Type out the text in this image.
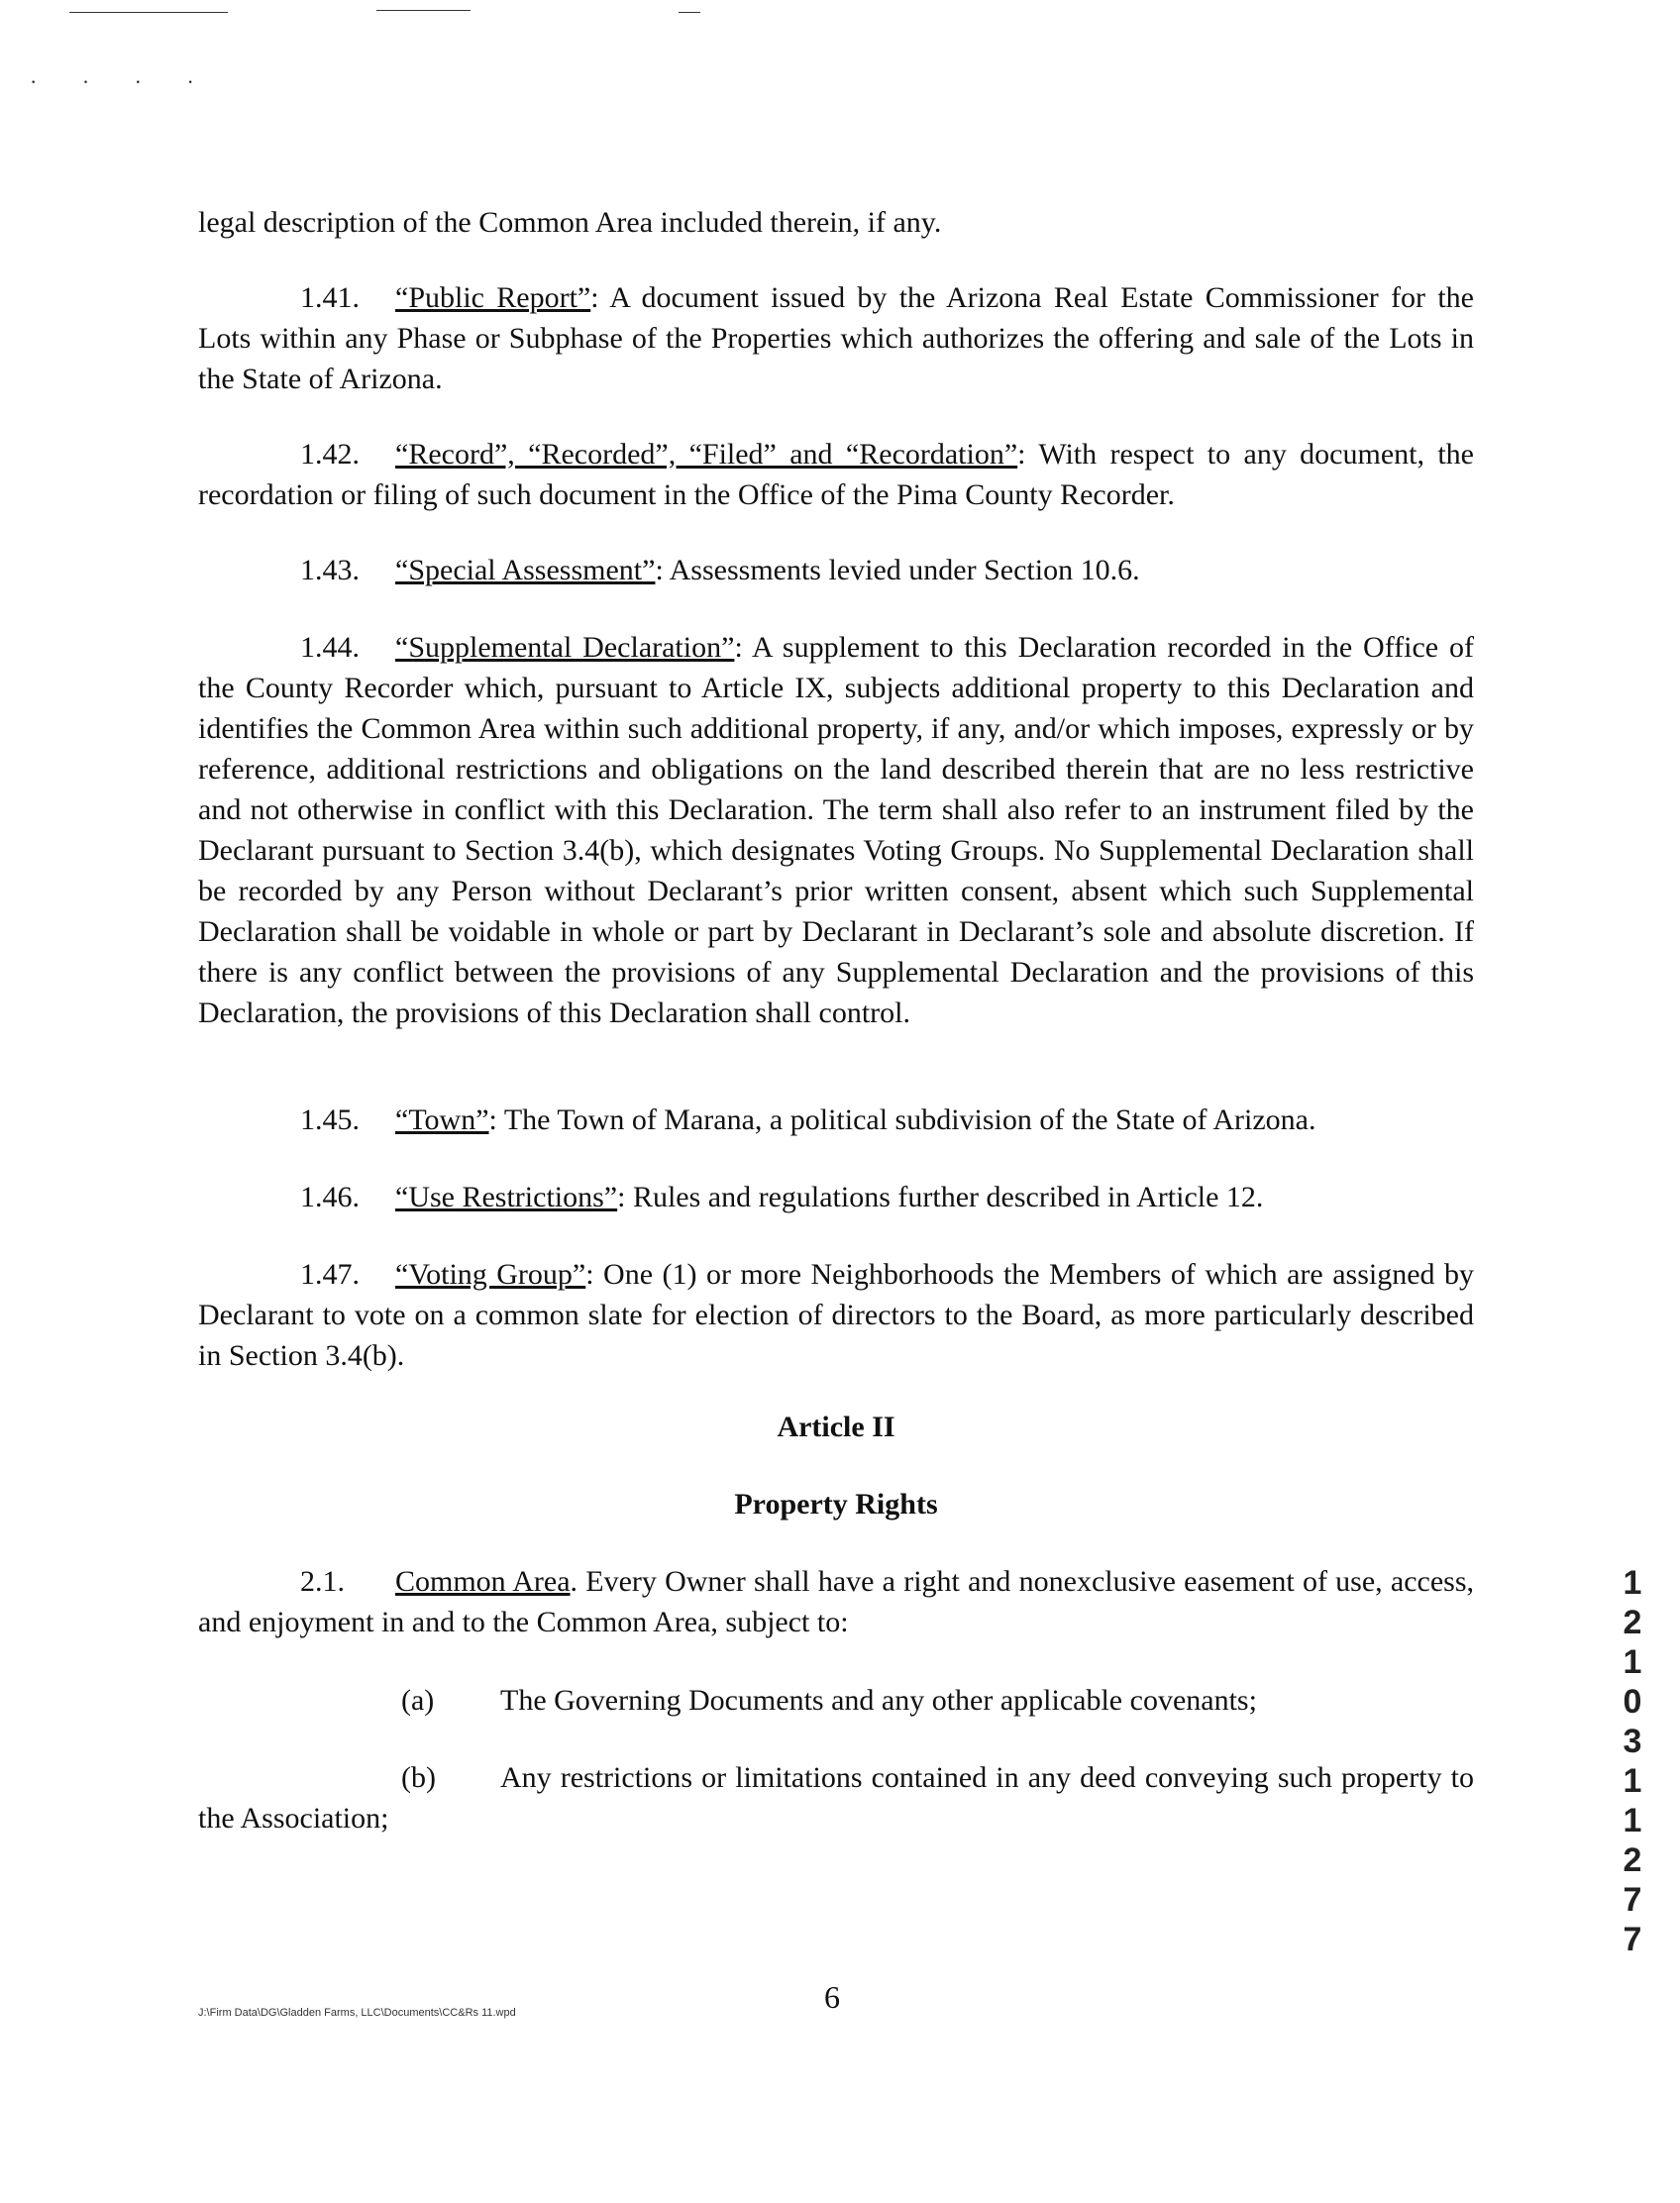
· · · ·
legal description of the Common Area included therein, if any.
1.41. “Public Report”: A document issued by the Arizona Real Estate Commissioner for the Lots within any Phase or Subphase of the Properties which authorizes the offering and sale of the Lots in the State of Arizona.
1.42. “Record”, “Recorded”, “Filed” and “Recordation”: With respect to any document, the recordation or filing of such document in the Office of the Pima County Recorder.
1.43. “Special Assessment”: Assessments levied under Section 10.6.
1.44. “Supplemental Declaration”: A supplement to this Declaration recorded in the Office of the County Recorder which, pursuant to Article IX, subjects additional property to this Declaration and identifies the Common Area within such additional property, if any, and/or which imposes, expressly or by reference, additional restrictions and obligations on the land described therein that are no less restrictive and not otherwise in conflict with this Declaration. The term shall also refer to an instrument filed by the Declarant pursuant to Section 3.4(b), which designates Voting Groups. No Supplemental Declaration shall be recorded by any Person without Declarant’s prior written consent, absent which such Supplemental Declaration shall be voidable in whole or part by Declarant in Declarant’s sole and absolute discretion. If there is any conflict between the provisions of any Supplemental Declaration and the provisions of this Declaration, the provisions of this Declaration shall control.
1.45. “Town”: The Town of Marana, a political subdivision of the State of Arizona.
1.46. “Use Restrictions”: Rules and regulations further described in Article 12.
1.47. “Voting Group”: One (1) or more Neighborhoods the Members of which are assigned by Declarant to vote on a common slate for election of directors to the Board, as more particularly described in Section 3.4(b).
Article II
Property Rights
2.1. Common Area. Every Owner shall have a right and nonexclusive easement of use, access, and enjoyment in and to the Common Area, subject to:
(a) The Governing Documents and any other applicable covenants;
(b) Any restrictions or limitations contained in any deed conveying such property to the Association;
1
2
1
0
3
1
1
2
7
7
J:\Firm Data\DG\Gladden Farms, LLC\Documents\CC&Rs 11.wpd	6
